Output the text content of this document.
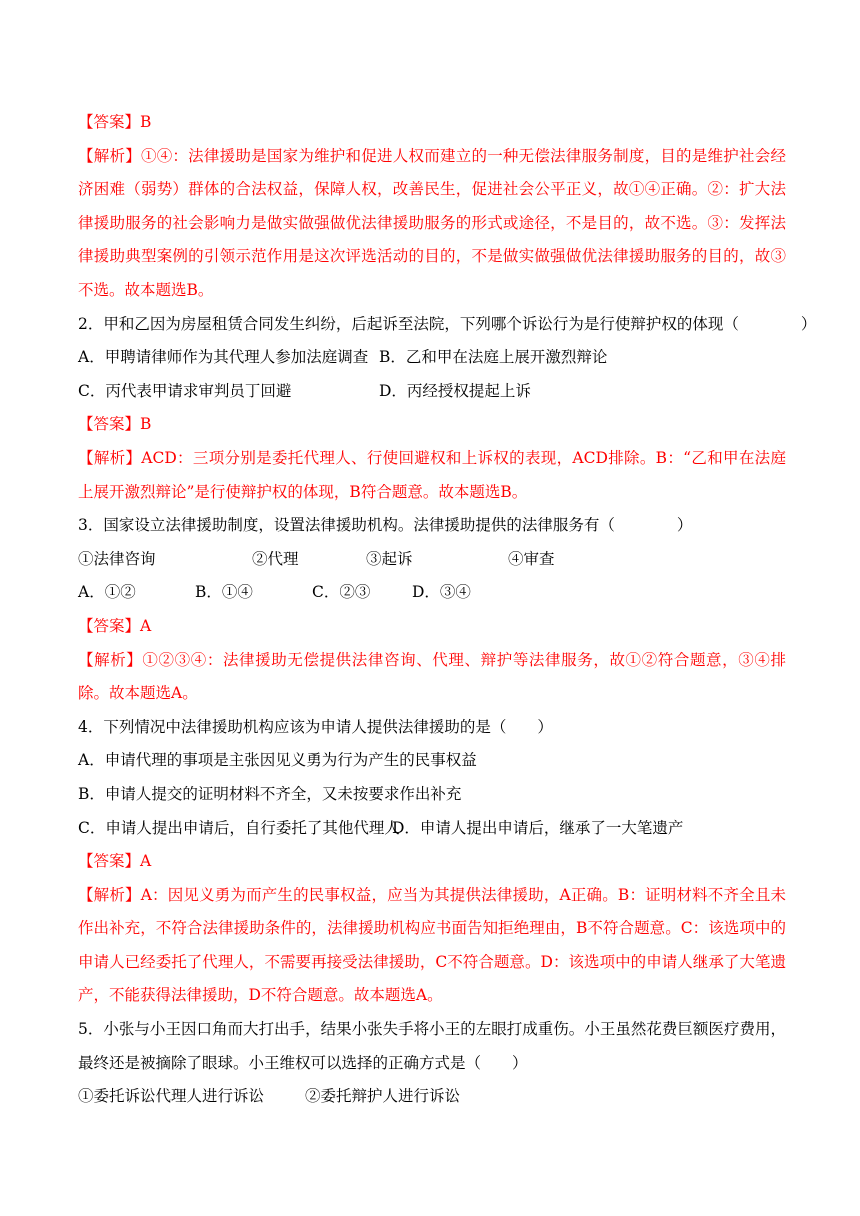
【答案】B
【解析】①④：法律援助是国家为维护和促进人权而建立的一种无偿法律服务制度，目的是维护社会经济困难（弱势）群体的合法权益，保障人权，改善民生，促进社会公平正义，故①④正确。②：扩大法律援助服务的社会影响力是做实做强做优法律援助服务的形式或途径，不是目的，故不选。③：发挥法律援助典型案例的引领示范作用是这次评选活动的目的，不是做实做强做优法律援助服务的目的，故③不选。故本题选B。
2．甲和乙因为房屋租赁合同发生纠纷，后起诉至法院，下列哪个诉讼行为是行使辩护权的体现（　　　　）
A．甲聘请律师作为其代理人参加法庭调查 B．乙和甲在法庭上展开激烈辩论
C．丙代表甲请求审判员丁回避	D．丙经授权提起上诉
【答案】B
【解析】ACD：三项分别是委托代理人、行使回避权和上诉权的表现，ACD排除。B：“乙和甲在法庭上展开激烈辩论”是行使辩护权的体现，B符合题意。故本题选B。
3．国家设立法律援助制度，设置法律援助机构。法律援助提供的法律服务有（　　　　）
①法律咨询	②代理	③起诉	④审查
A．①②	B．①④	C．②③	D．③④
【答案】A
【解析】①②③④：法律援助无偿提供法律咨询、代理、辩护等法律服务，故①②符合题意，③④排除。故本题选A。
4．下列情况中法律援助机构应该为申请人提供法律援助的是（　　）
A．申请代理的事项是主张因见义勇为行为产生的民事权益
B．申请人提交的证明材料不齐全，又未按要求作出补充
C．申请人提出申请后，自行委托了其他代理人D．申请人提出申请后，继承了一大笔遗产
【答案】A
【解析】A：因见义勇为而产生的民事权益，应当为其提供法律援助，A正确。B：证明材料不齐全且未作出补充，不符合法律援助条件的，法律援助机构应书面告知拒绝理由，B不符合题意。C：该选项中的申请人已经委托了代理人，不需要再接受法律援助，C不符合题意。D：该选项中的申请人继承了大笔遗产，不能获得法律援助，D不符合题意。故本题选A。
5．小张与小王因口角而大打出手，结果小张失手将小王的左眼打成重伤。小王虽然花费巨额医疗费用，最终还是被摘除了眼球。小王维权可以选择的正确方式是（　　）
①委托诉讼代理人进行诉讼	②委托辩护人进行诉讼
